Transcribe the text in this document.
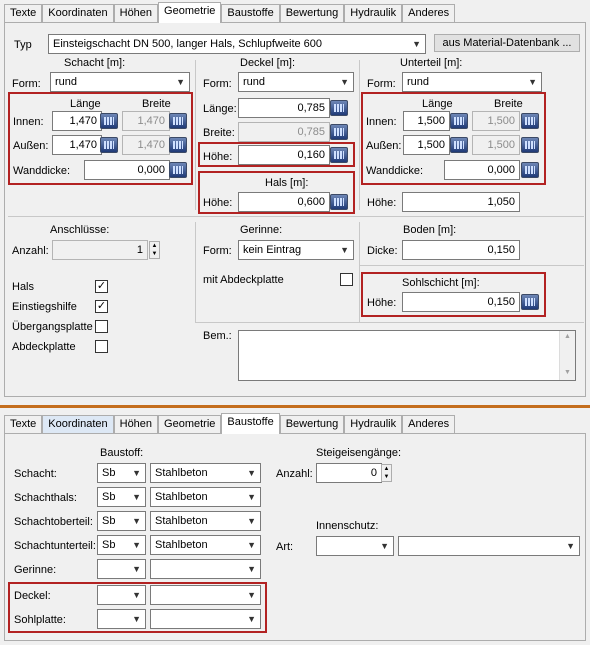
Texte	Koordinaten	Höhen	Geometrie	Baustoffe	Bewertung	Hydraulik	Anderes
Typ	Einsteigschacht DN 500, langer Hals, Schlupfweite 600	▼	aus Material-Datenbank ...
Schacht [m]:
Form:	rund	▼
Länge	Breite
Innen:	1,470	1,470
Außen:	1,470	1,470
Wanddicke:	0,000
Deckel [m]:
Form:	rund	▼
Länge:	0,785
Breite:	0,785
Höhe:	0,160
Hals [m]:
Höhe:	0,600
Unterteil [m]:
Form:	rund	▼
Länge	Breite
Innen:	1,500	1,500
Außen:	1,500	1,500
Wanddicke:	0,000
Höhe:	1,050
Anschlüsse:
Anzahl:	1	▲
▼
Hals	✓
Einstiegshilfe ✓
Übergangsplatte
Abdeckplatte
Gerinne:
Form:	kein Eintrag	▼
mit Abdeckplatte
Boden [m]:
Dicke:	0,150
Sohlschicht [m]:
Höhe:	0,150
Bem.:	▲
▼
Texte	Koordinaten	Höhen	Geometrie	Baustoffe	Bewertung	Hydraulik	Anderes
Baustoff:
Schacht:	Sb ▼	Stahlbeton	▼
Schachthals:	Sb ▼	Stahlbeton	▼
Schachtoberteil: Sb ▼	Stahlbeton	▼
Schachtunterteil: Sb ▼	Stahlbeton	▼
Gerinne:	▼	▼
Deckel:	▼	▼
Sohlplatte:	▼	▼
Steigeisengänge:
Anzahl:	0	▲
▼
Innenschutz:
Art:	▼	▼
